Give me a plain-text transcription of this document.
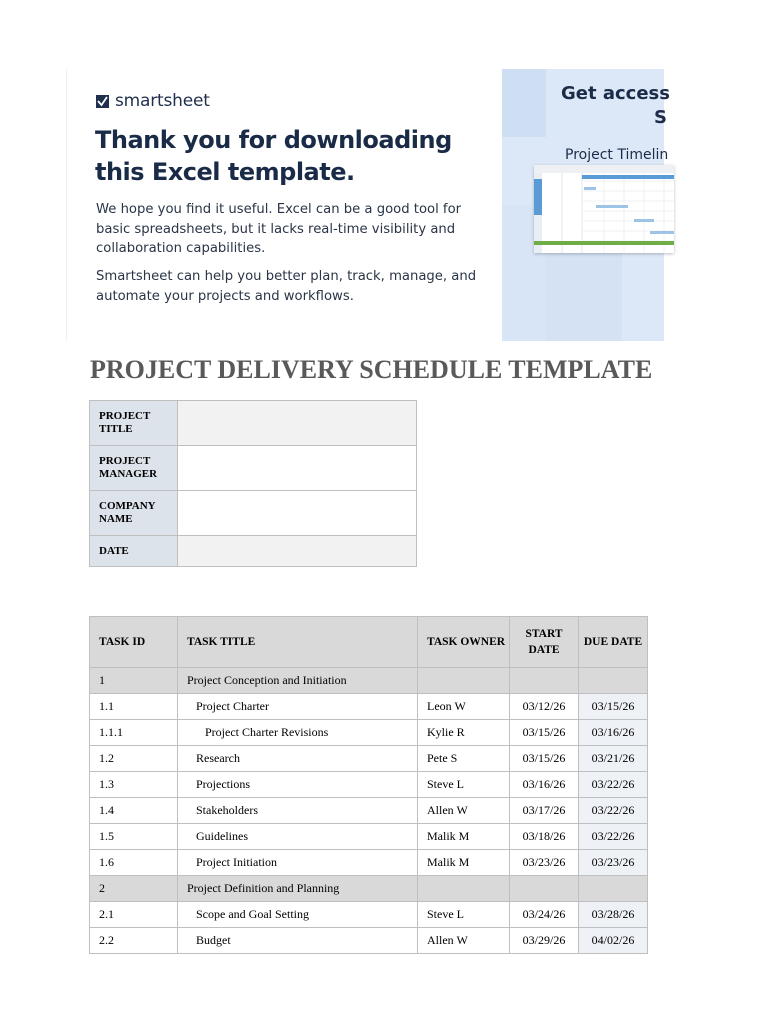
smartsheet
Thank you for downloading this Excel template.
We hope you find it useful. Excel can be a good tool for basic spreadsheets, but it lacks real-time visibility and collaboration capabilities.
Smartsheet can help you better plan, track, manage, and automate your projects and workflows.
Get access
S
Project Timelin
PROJECT DELIVERY SCHEDULE TEMPLATE
PROJECT TITLE	
PROJECT MANAGER	
COMPANY NAME	
DATE	
TASK ID	TASK TITLE	TASK OWNER	START DATE	DUE DATE
1	Project Conception and Initiation			
1.1	Project Charter	Leon W	03/12/26	03/15/26
1.1.1	Project Charter Revisions	Kylie R	03/15/26	03/16/26
1.2	Research	Pete S	03/15/26	03/21/26
1.3	Projections	Steve L	03/16/26	03/22/26
1.4	Stakeholders	Allen W	03/17/26	03/22/26
1.5	Guidelines	Malik M	03/18/26	03/22/26
1.6	Project Initiation	Malik M	03/23/26	03/23/26
2	Project Definition and Planning			
2.1	Scope and Goal Setting	Steve L	03/24/26	03/28/26
2.2	Budget	Allen W	03/29/26	04/02/26
